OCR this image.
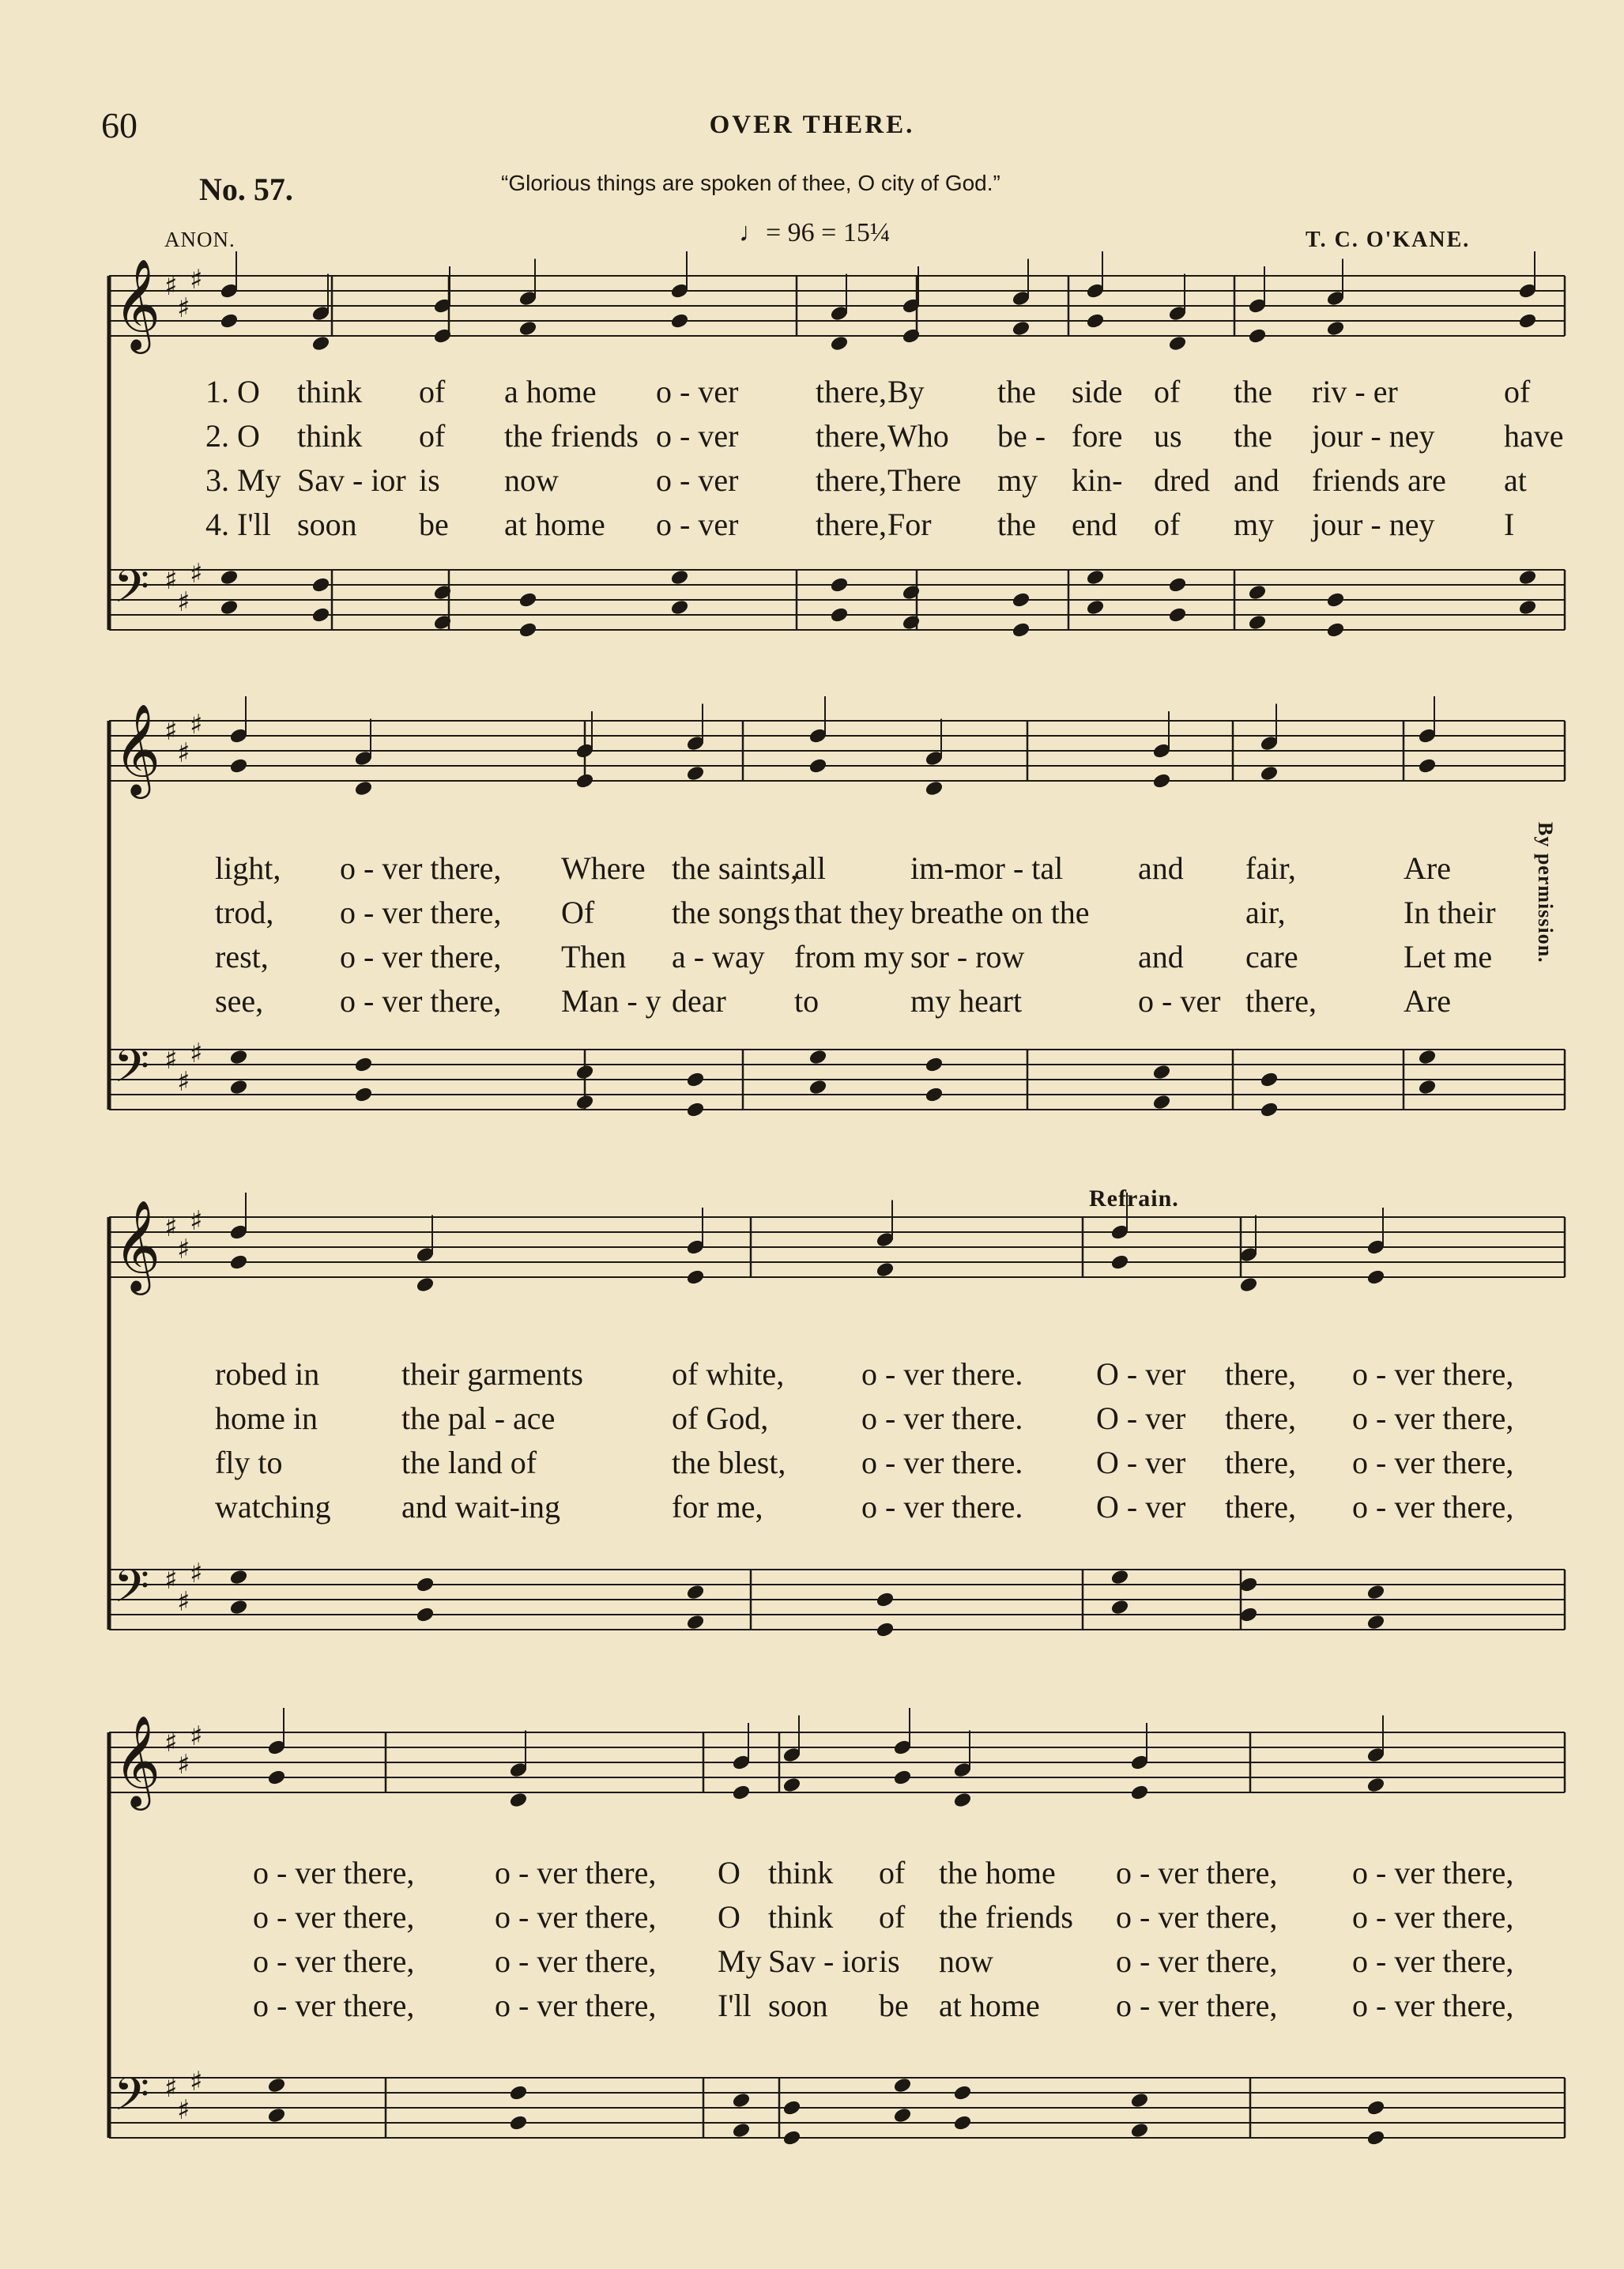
60	OVER THERE.
No. 57.	“Glorious things are spoken of thee, O city of God.”
ANON.	♩= 96 = 15¼	T. C. O'KANE.
Refrain.
By permission.
𝄞 ♯
♯
♯
𝄢 ♯
♯
♯
𝄞 ♯
♯
♯
𝄢 ♯
♯
♯
𝄞 ♯
♯
♯
𝄢 ♯
♯
♯
𝄞 ♯
♯
♯
𝄢 ♯
♯
♯
1. O think of a home o - ver there, By the side of the riv - er	of
2. O think of the friends o - ver there, Who be - fore us the jour - ney have
3. My Sav - ior is now	o - ver there, There my kin- dred and friends are at
4. I'll soon be at home o - ver there, For the end of my jour - ney I
light, o - ver there, Where the saints,
all	im-mor - tal and fair,	Are
trod, o - ver there, Of the songs that they breathe on the	air,	In their
rest, o - ver there, Then a - way from my sor - row	and care	Let me
see, o - ver there, Man - y dear to	my heart	o - ver there,	Are
robed in	their garments	of white, o - ver there. O - ver there, o - ver there,
home in	the pal - ace	of God,	o - ver there. O - ver there, o - ver there,
fly to	the land of	the blest, o - ver there. O - ver there, o - ver there,
watching and wait-ing	for me,	o - ver there. O - ver there, o - ver there,
o - ver there,	o - ver there, O think of the home o - ver there, o - ver there,
o - ver there,	o - ver there, O think of the friends o - ver there, o - ver there,
o - ver there,	o - ver there, My Sav - ior is now	o - ver there, o - ver there,
o - ver there,	o - ver there, I'll soon be at home o - ver there, o - ver there,
